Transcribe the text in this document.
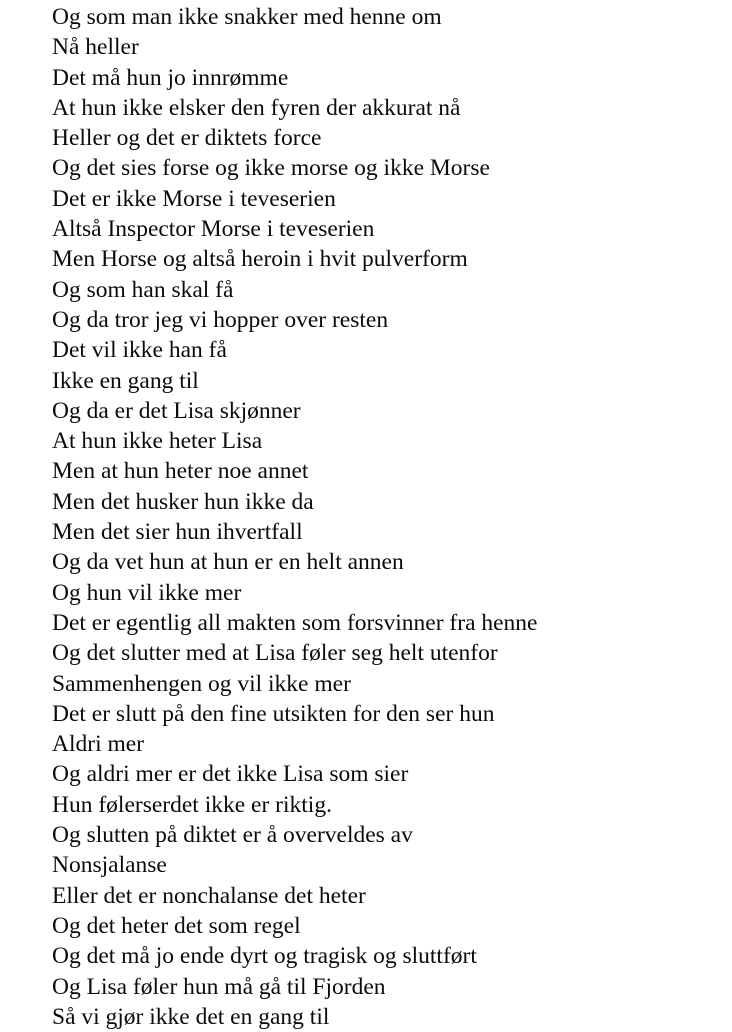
Og som man ikke snakker med henne om
Nå heller
Det må hun jo innrømme
At hun ikke elsker den fyren der akkurat nå
Heller og det er diktets force
Og det sies forse og ikke morse og ikke Morse
Det er ikke Morse i teveserien
Altså Inspector Morse i teveserien
Men Horse og altså heroin i hvit pulverform
Og som han skal få
Og da tror jeg vi hopper over resten
Det vil ikke han få
Ikke en gang til
Og da er det Lisa skjønner
At hun ikke heter Lisa
Men at hun heter noe annet
Men det husker hun ikke da
Men det sier hun ihvertfall
Og da vet hun at hun er en helt annen
Og hun vil ikke mer
Det er egentlig all makten som forsvinner fra henne
Og det slutter med at Lisa føler seg helt utenfor
Sammenhengen og vil ikke mer
Det er slutt på den fine utsikten for den ser hun
Aldri mer
Og aldri mer er det ikke Lisa som sier
Hun følerserdet ikke er riktig.
Og slutten på diktet er å overveldes av
Nonsjalanse
Eller det er nonchalanse det heter
Og det heter det som regel
Og det må jo ende dyrt og tragisk og sluttført
Og Lisa føler hun må gå til Fjorden
Så vi gjør ikke det en gang til
